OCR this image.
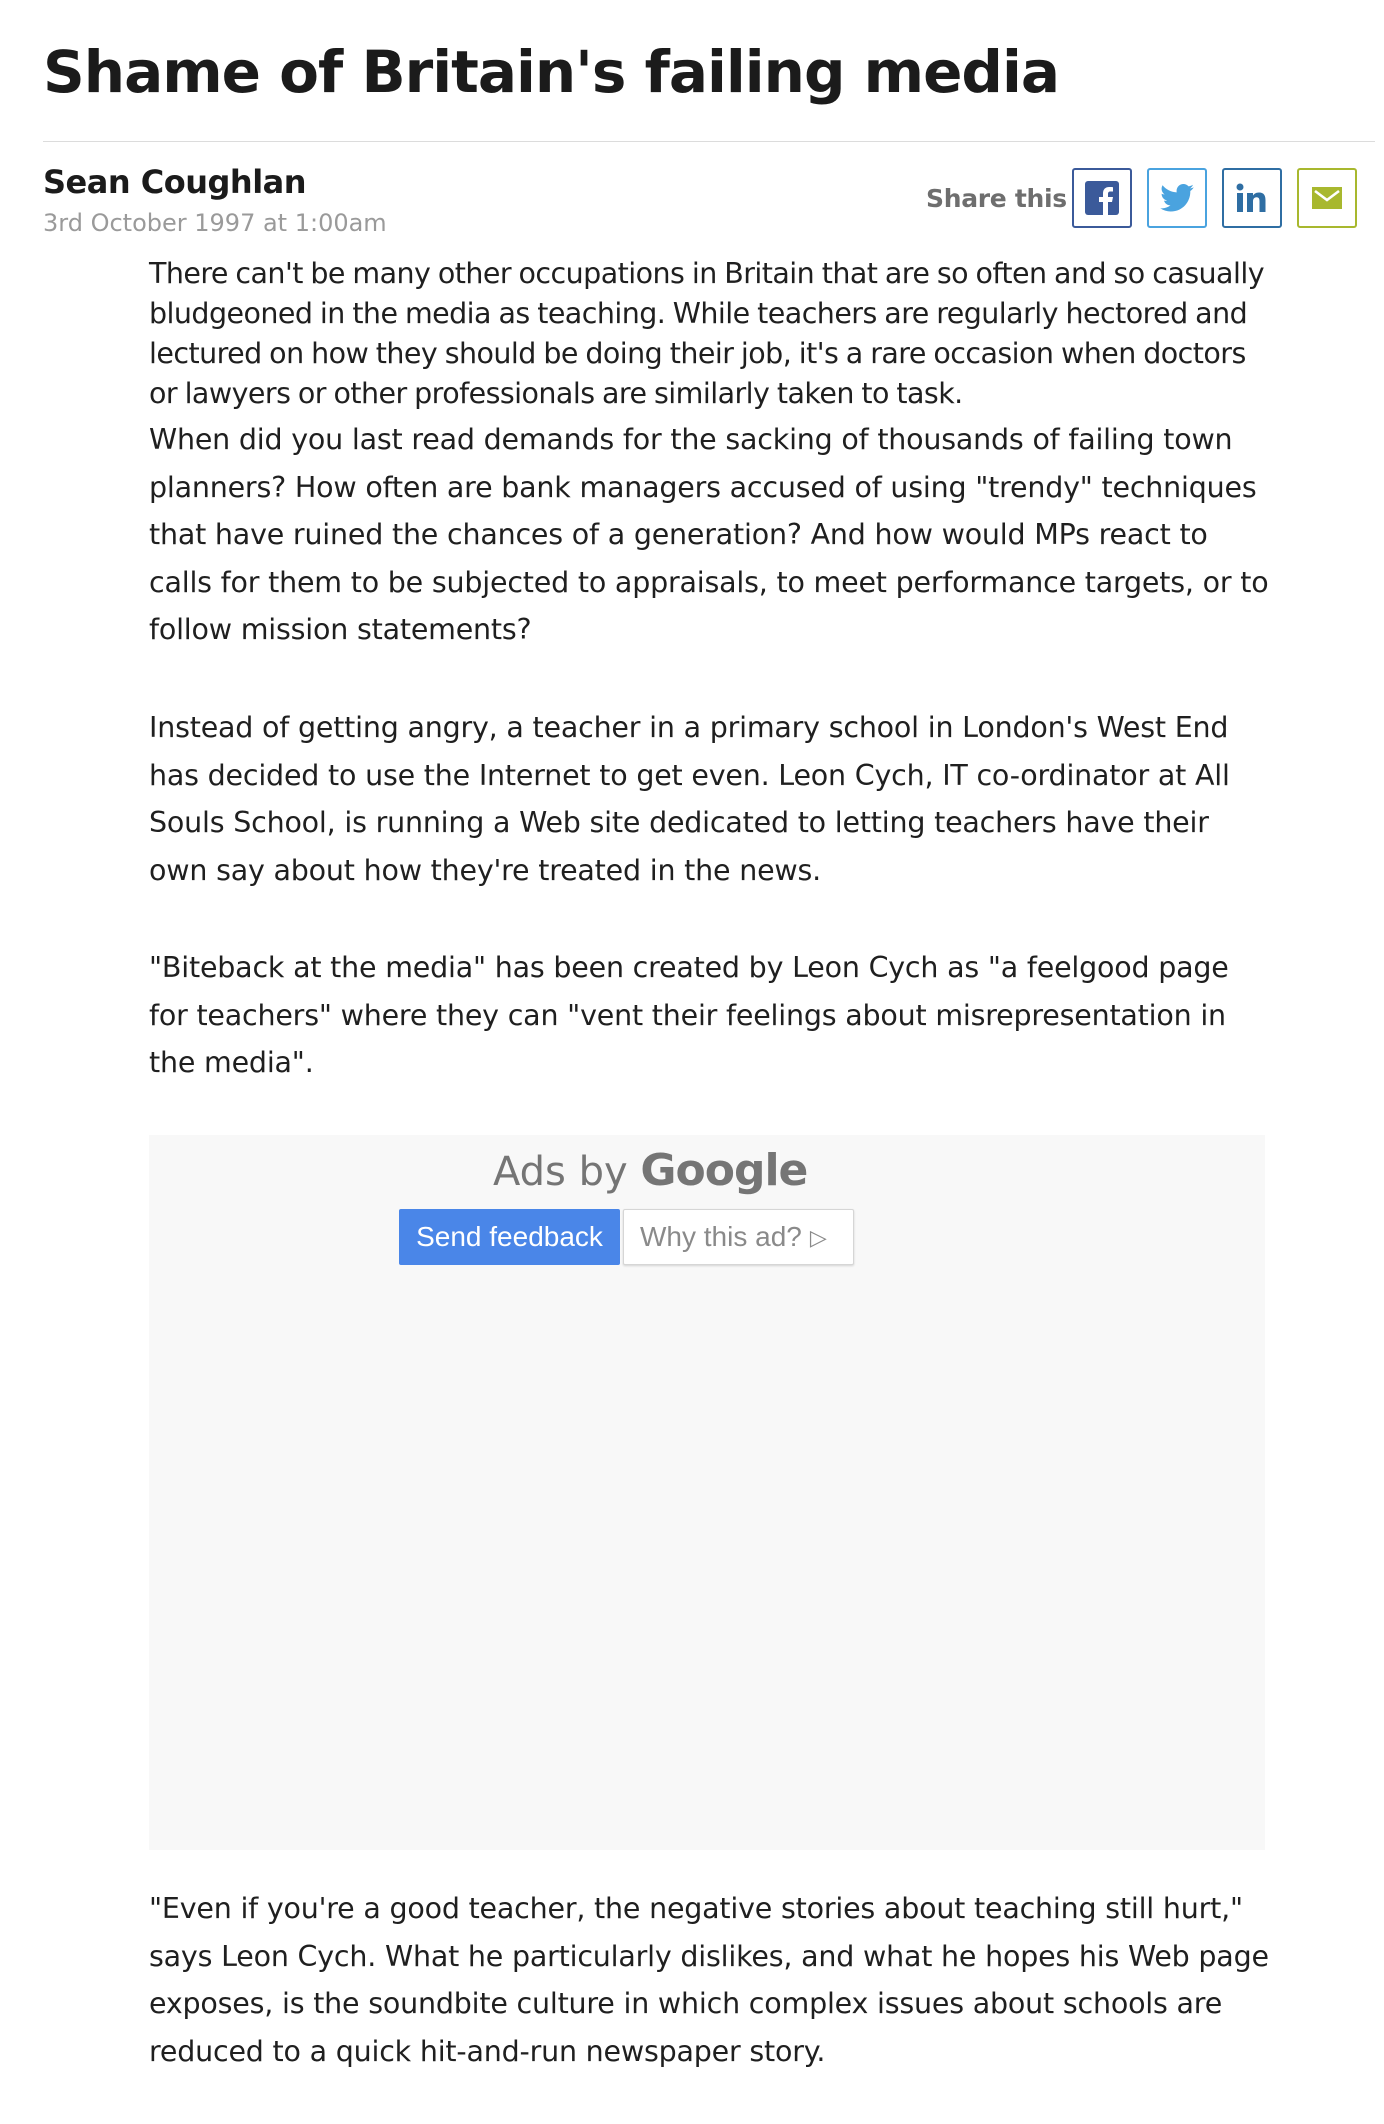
Shame of Britain's failing media
Sean Coughlan
3rd October 1997 at 1:00am
Share this

There can't be many other occupations in Britain that are so often and so casually bludgeoned in the media as teaching. While teachers are regularly hectored and lectured on how they should be doing their job, it's a rare occasion when doctors or lawyers or other professionals are similarly taken to task.

When did you last read demands for the sacking of thousands of failing town planners? How often are bank managers accused of using "trendy" techniques that have ruined the chances of a generation? And how would MPs react to calls for them to be subjected to appraisals, to meet performance targets, or to follow mission statements?

Instead of getting angry, a teacher in a primary school in London's West End has decided to use the Internet to get even. Leon Cych, IT co-ordinator at All Souls School, is running a Web site dedicated to letting teachers have their own say about how they're treated in the news.

"Biteback at the media" has been created by Leon Cych as "a feelgood page for teachers" where they can "vent their feelings about misrepresentation in the media".

Ads by Google
Send feedback	Why this ad? ▷

"Even if you're a good teacher, the negative stories about teaching still hurt," says Leon Cych. What he particularly dislikes, and what he hopes his Web page exposes, is the soundbite culture in which complex issues about schools are reduced to a quick hit-and-run newspaper story.
